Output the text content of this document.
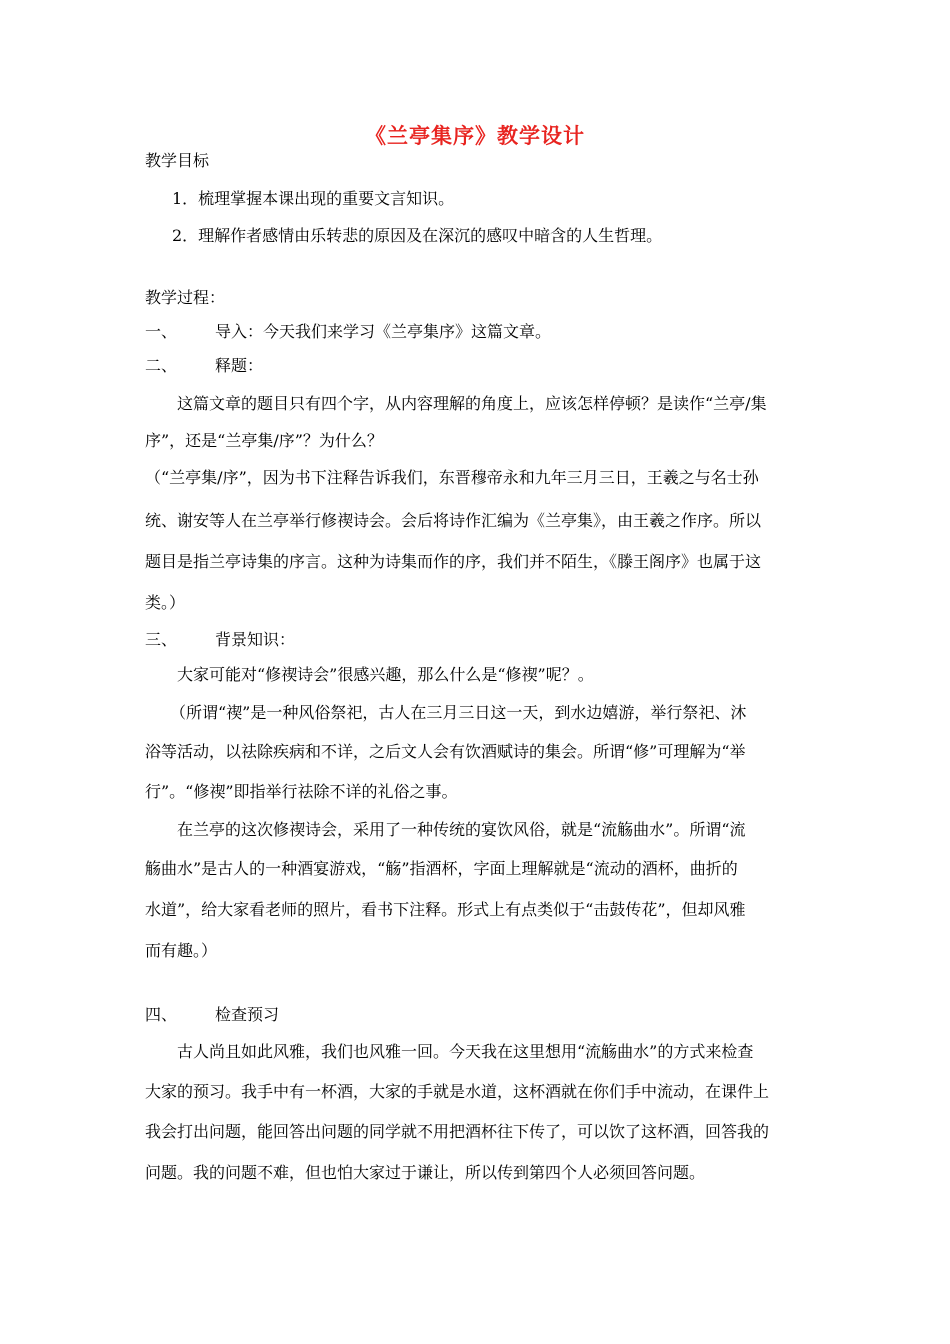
《兰亭集序》教学设计
教学目标
1．梳理掌握本课出现的重要文言知识。
2．理解作者感情由乐转悲的原因及在深沉的感叹中暗含的人生哲理。
教学过程：
一、 导入：今天我们来学习《兰亭集序》这篇文章。
二、 释题：
这篇文章的题目只有四个字，从内容理解的角度上，应该怎样停顿？是读作“兰亭/集
序”，还是“兰亭集/序”？为什么？
（“兰亭集/序”，因为书下注释告诉我们，东晋穆帝永和九年三月三日，王羲之与名士孙
统、谢安等人在兰亭举行修禊诗会。会后将诗作汇编为《兰亭集》，由王羲之作序。所以
题目是指兰亭诗集的序言。这种为诗集而作的序，我们并不陌生，《滕王阁序》也属于这
类。）
三、 背景知识：
大家可能对“修禊诗会”很感兴趣，那么什么是“修禊”呢？。
（所谓“禊”是一种风俗祭祀，古人在三月三日这一天，到水边嬉游，举行祭祀、沐
浴等活动，以祛除疾病和不详，之后文人会有饮酒赋诗的集会。所谓“修”可理解为“举
行”。“修禊”即指举行祛除不详的礼俗之事。
在兰亭的这次修禊诗会，采用了一种传统的宴饮风俗，就是“流觞曲水”。所谓“流
觞曲水”是古人的一种酒宴游戏，“觞”指酒杯，字面上理解就是“流动的酒杯，曲折的
水道”，给大家看老师的照片，看书下注释。形式上有点类似于“击鼓传花”，但却风雅
而有趣。）
四、 检查预习
古人尚且如此风雅，我们也风雅一回。今天我在这里想用“流觞曲水”的方式来检查
大家的预习。我手中有一杯酒，大家的手就是水道，这杯酒就在你们手中流动，在课件上
我会打出问题，能回答出问题的同学就不用把酒杯往下传了，可以饮了这杯酒，回答我的
问题。我的问题不难，但也怕大家过于谦让，所以传到第四个人必须回答问题。
